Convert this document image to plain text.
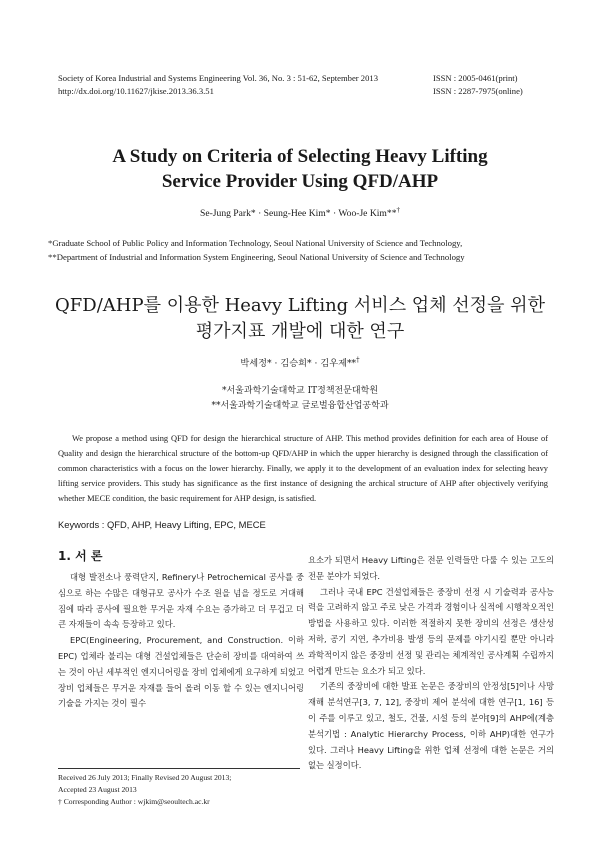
Society of Korea Industrial and Systems Engineering Vol. 36, No. 3 : 51-62, September 2013
http://dx.doi.org/10.11627/jkise.2013.36.3.51
ISSN : 2005-0461(print)
ISSN : 2287-7975(online)
A Study on Criteria of Selecting Heavy Lifting
Service Provider Using QFD/AHP
Se-Jung Park* · Seung-Hee Kim* · Woo-Je Kim**†
*Graduate School of Public Policy and Information Technology, Seoul National University of Science and Technology,
**Department of Industrial and Information System Engineering, Seoul National University of Science and Technology
QFD/AHP를 이용한 Heavy Lifting 서비스 업체 선정을 위한
평가지표 개발에 대한 연구
박세정* · 김승희* · 김우제**†
*서울과학기술대학교 IT정책전문대학원
**서울과학기술대학교 글로벌융합산업공학과
We propose a method using QFD for design the hierarchical structure of AHP. This method provides definition for each area of House of Quality and design the hierarchical structure of the bottom-up QFD/AHP in which the upper hierarchy is designed through the classification of common characteristics with a focus on the lower hierarchy. Finally, we apply it to the development of an evaluation index for selecting heavy lifting service providers. This study has significance as the first instance of designing the archical structure of AHP after objectively verifying whether MECE condition, the basic requirement for AHP design, is satisfied.
Keywords : QFD, AHP, Heavy Lifting, EPC, MECE
1. 서 론

대형 발전소나 풍력단지, Refinery나 Petrochemical 공사를 중심으로 하는 수많은 대형규모 공사가 수조 원을 넘을 정도로 거대해짐에 따라 공사에 필요한 무거운 자재 수요는 증가하고 더 무겁고 더 큰 자재들이 속속 등장하고 있다.

EPC(Engineering, Procurement, and Construction. 이하 EPC) 업체라 불리는 대형 건설업체들은 단순히 장비를 대여하여 쓰는 것이 아닌 세부적인 엔지니어링을 장비 업체에게 요구하게 되었고 장비 업체들은 무거운 자재를 들어 올려 이동 할 수 있는 엔지니어링 기술을 가지는 것이 필수

요소가 되면서 Heavy Lifting은 전문 인력들만 다룰 수 있는 고도의 전문 분야가 되었다.

그러나 국내 EPC 건설업체들은 중장비 선정 시 기술력과 공사능력을 고려하지 않고 주로 낮은 가격과 경험이나 실적에 시행착오적인 방법을 사용하고 있다. 이러한 적절하지 못한 장비의 선정은 생산성 저하, 공기 지연, 추가비용 발생 등의 문제를 야기시킬 뿐만 아니라 과학적이지 않은 중장비 선정 및 관리는 체계적인 공사계획 수립까지 어렵게 만드는 요소가 되고 있다.

기존의 중장비에 대한 발표 논문은 중장비의 안정성[5]이나 사망재해 분석연구[3, 7, 12], 중장비 제어 분석에 대한 연구[1, 16] 등이 주를 이루고 있고, 철도, 건물, 시설 등의 분야[9]의 AHP에(계층분석기법 : Analytic Hierarchy Process, 이하 AHP)대한 연구가 있다. 그러나 Heavy Lifting을 위한 업체 선정에 대한 논문은 거의 없는 실정이다.

Received 26 July 2013; Finally Revised 20 August 2013;
Accepted 23 August 2013
† Corresponding Author : wjkim@seoultech.ac.kr
